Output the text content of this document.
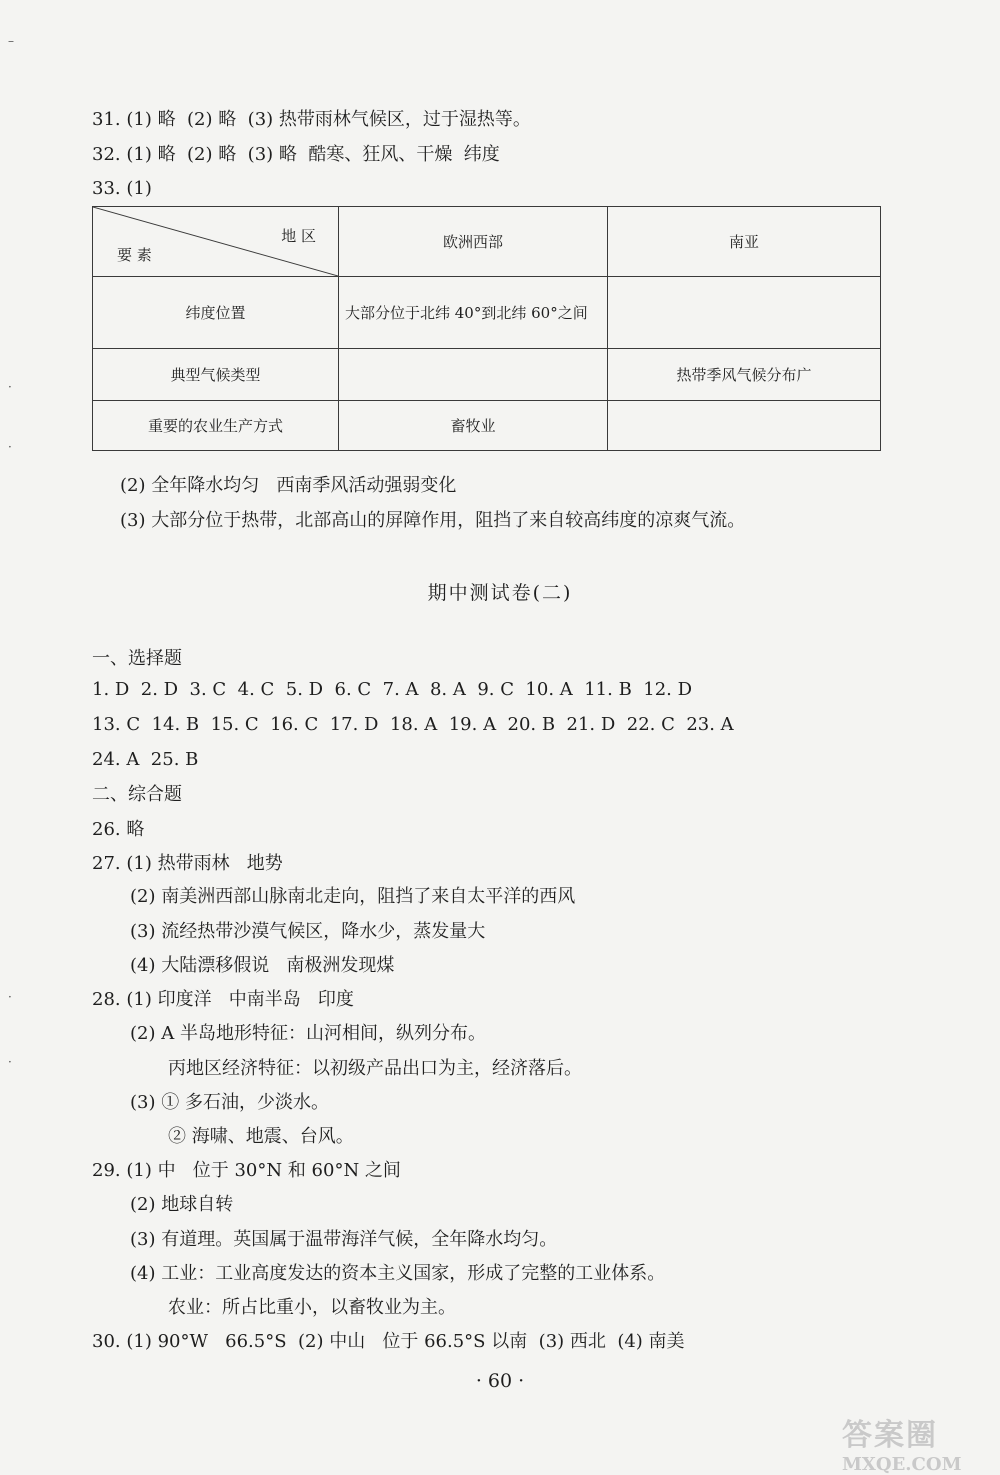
–
·
·
·
·
31. (1) 略  (2) 略  (3) 热带雨林气候区，过于湿热等。
32. (1) 略  (2) 略  (3) 略  酷寒、狂风、干燥  纬度
33. (1)
地 区
要 素	欧洲西部	南亚
纬度位置	大部分位于北纬 40°到北纬 60°之间	
典型气候类型		热带季风气候分布广
重要的农业生产方式	畜牧业	
(2) 全年降水均匀   西南季风活动强弱变化
(3) 大部分位于热带，北部高山的屏障作用，阻挡了来自较高纬度的凉爽气流。
期中测试卷(二)
一、选择题
1. D  2. D  3. C  4. C  5. D  6. C  7. A  8. A  9. C  10. A  11. B  12. D
13. C  14. B  15. C  16. C  17. D  18. A  19. A  20. B  21. D  22. C  23. A
24. A  25. B
二、综合题
26. 略
27. (1) 热带雨林   地势
(2) 南美洲西部山脉南北走向，阻挡了来自太平洋的西风
(3) 流经热带沙漠气候区，降水少，蒸发量大
(4) 大陆漂移假说   南极洲发现煤
28. (1) 印度洋   中南半岛   印度
(2) A 半岛地形特征：山河相间，纵列分布。
丙地区经济特征：以初级产品出口为主，经济落后。
(3) ① 多石油，少淡水。
② 海啸、地震、台风。
29. (1) 中   位于 30°N 和 60°N 之间
(2) 地球自转
(3) 有道理。英国属于温带海洋气候，全年降水均匀。
(4) 工业：工业高度发达的资本主义国家，形成了完整的工业体系。
农业：所占比重小，以畜牧业为主。
30. (1) 90°W   66.5°S  (2) 中山   位于 66.5°S 以南  (3) 西北  (4) 南美
· 60 ·
答案圈
MXQE.COM
